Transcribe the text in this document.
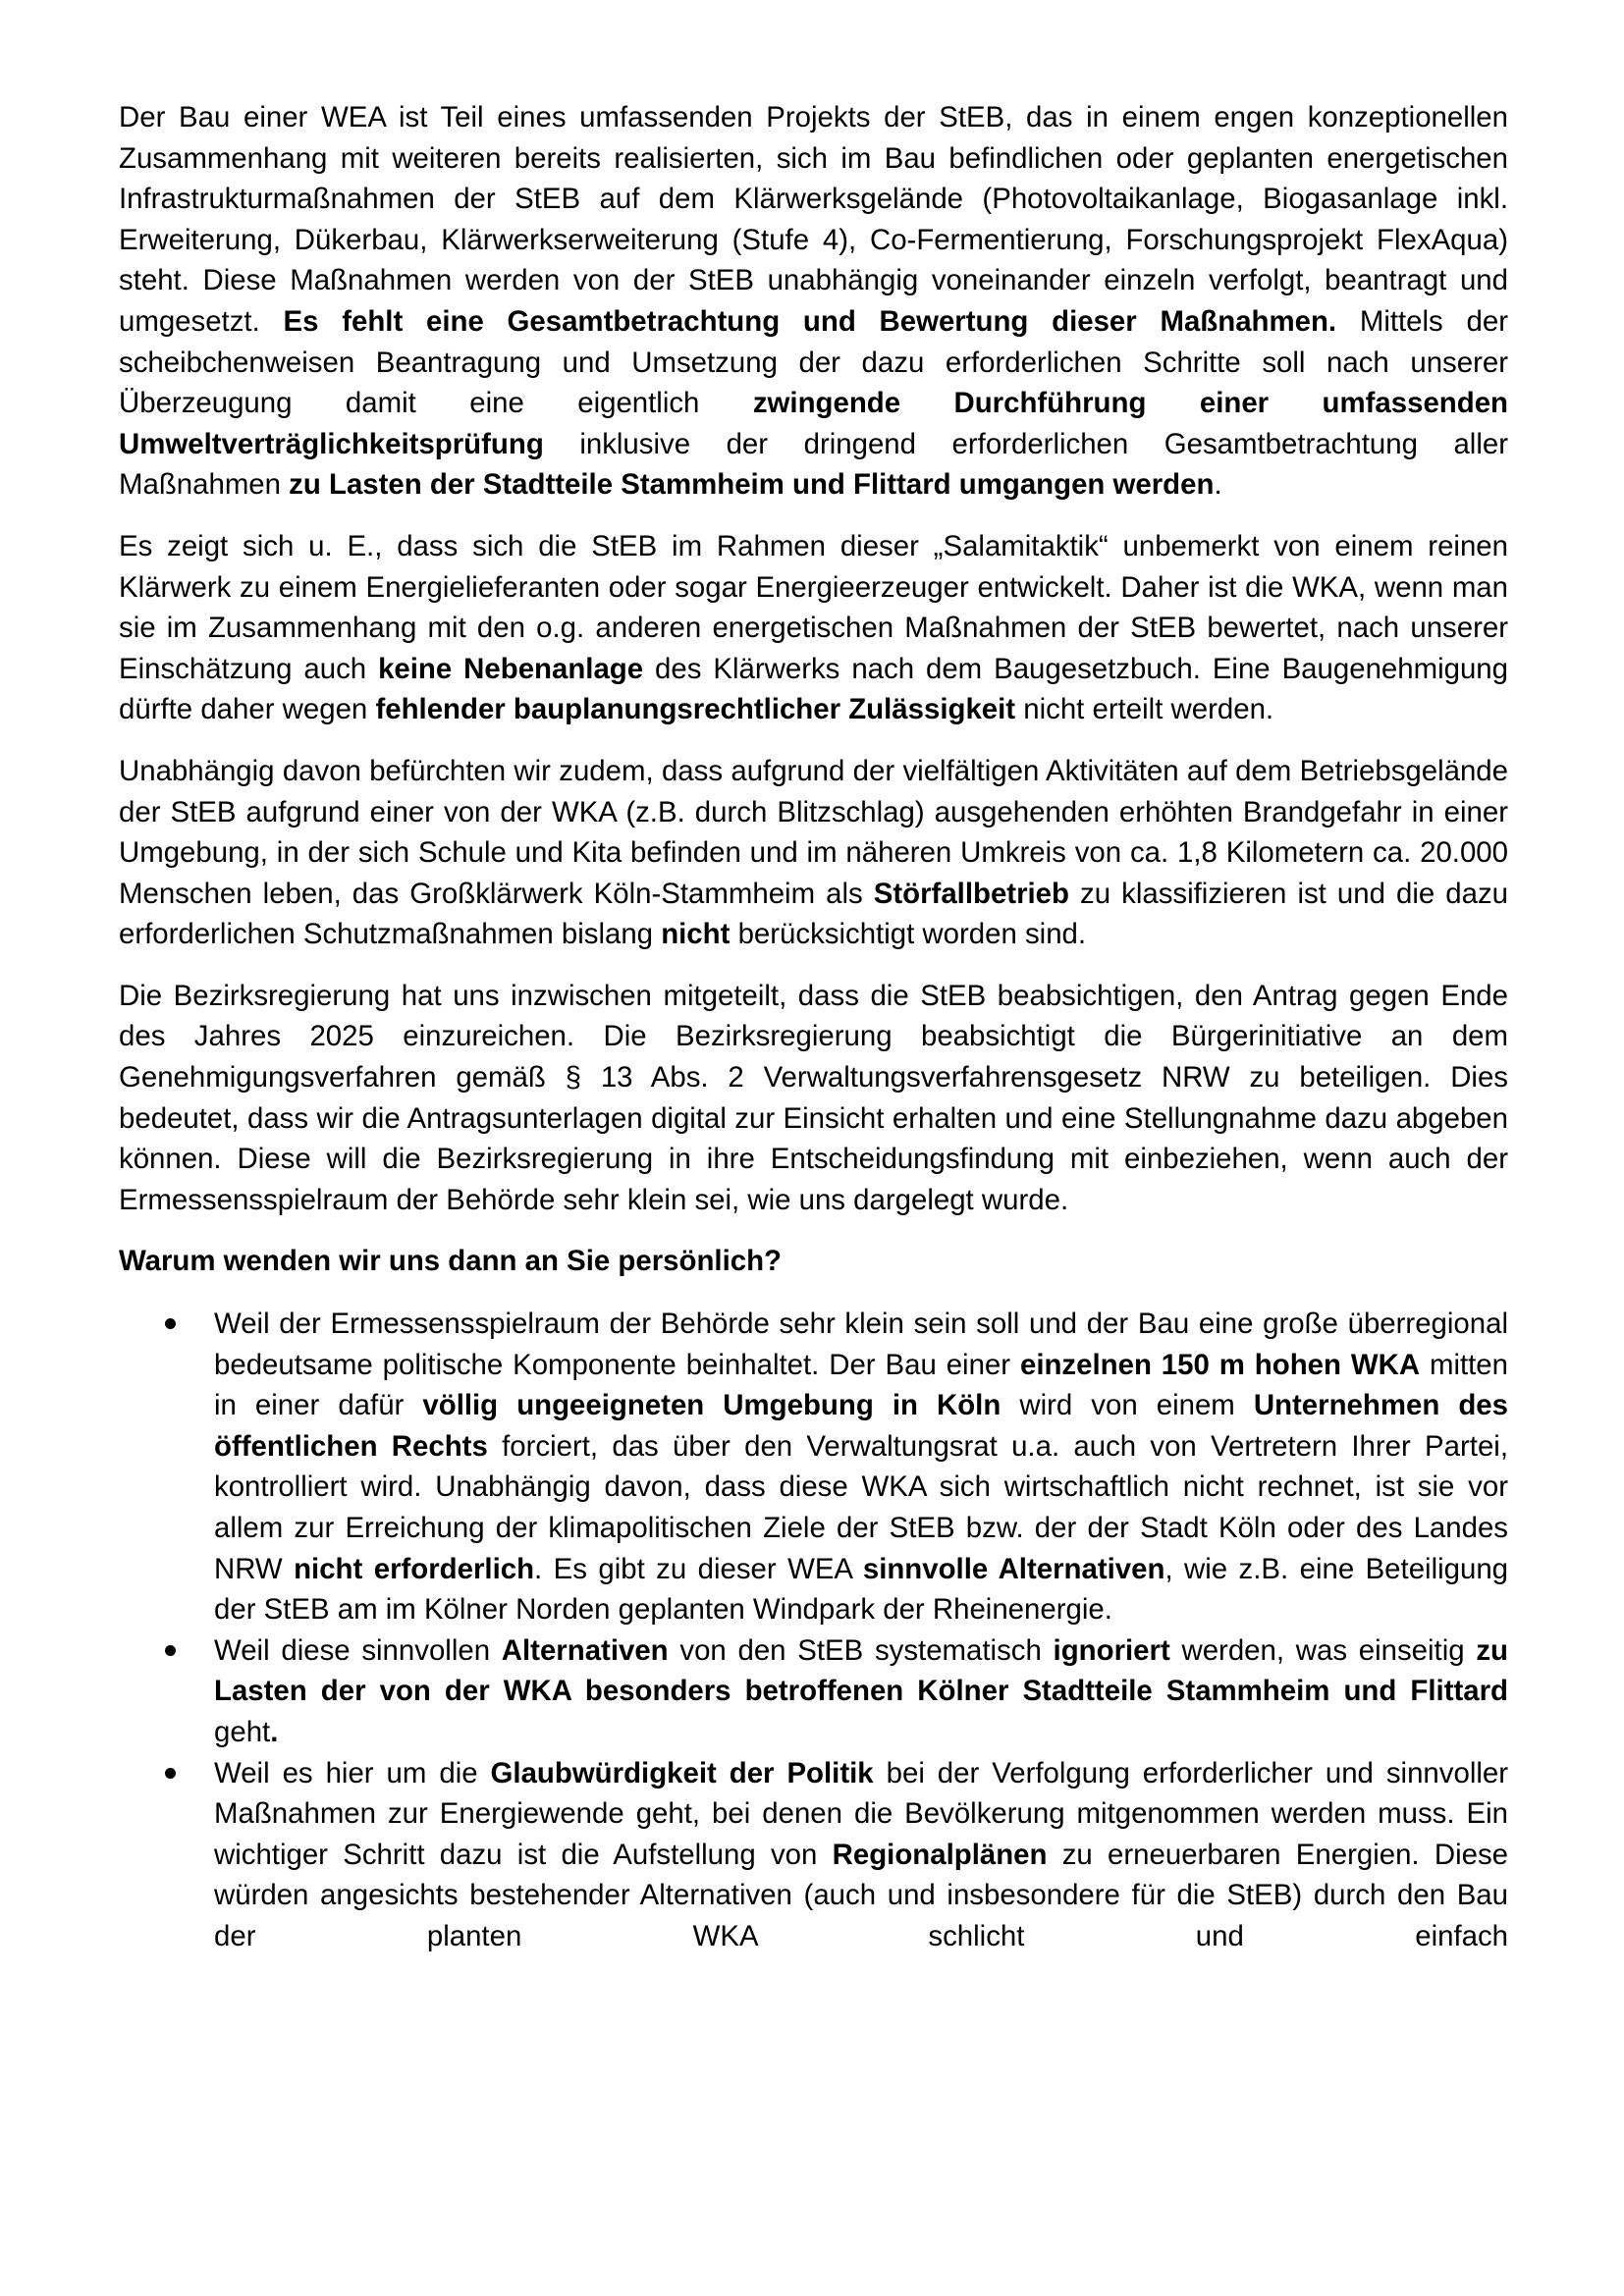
Der Bau einer WEA ist Teil eines umfassenden Projekts der StEB, das in einem engen konzeptionellen Zusammenhang mit weiteren bereits realisierten, sich im Bau befindlichen oder geplanten energetischen Infrastrukturmaßnahmen der StEB auf dem Klärwerksgelände (Photovoltaikanlage, Biogasanlage inkl. Erweiterung, Dükerbau, Klärwerkserweiterung (Stufe 4), Co-Fermentierung, Forschungsprojekt FlexAqua) steht. Diese Maßnahmen werden von der StEB unabhängig voneinander einzeln verfolgt, beantragt und umgesetzt. Es fehlt eine Gesamtbetrachtung und Bewertung dieser Maßnahmen. Mittels der scheibchenweisen Beantragung und Umsetzung der dazu erforderlichen Schritte soll nach unserer Überzeugung damit eine eigentlich zwingende Durchführung einer umfassenden Umweltverträglichkeitsprüfung inklusive der dringend erforderlichen Gesamtbetrachtung aller Maßnahmen zu Lasten der Stadtteile Stammheim und Flittard umgangen werden.

Es zeigt sich u. E., dass sich die StEB im Rahmen dieser „Salamitaktik“ unbemerkt von einem reinen Klärwerk zu einem Energielieferanten oder sogar Energieerzeuger entwickelt. Daher ist die WKA, wenn man sie im Zusammenhang mit den o.g. anderen energetischen Maßnahmen der StEB bewertet, nach unserer Einschätzung auch keine Nebenanlage des Klärwerks nach dem Baugesetzbuch. Eine Baugenehmigung dürfte daher wegen fehlender bauplanungsrechtlicher Zulässigkeit nicht erteilt werden.

Unabhängig davon befürchten wir zudem, dass aufgrund der vielfältigen Aktivitäten auf dem Betriebsgelände der StEB aufgrund einer von der WKA (z.B. durch Blitzschlag) ausgehenden erhöhten Brandgefahr in einer Umgebung, in der sich Schule und Kita befinden und im näheren Umkreis von ca. 1,8 Kilometern ca. 20.000 Menschen leben, das Großklärwerk Köln-Stammheim als Störfallbetrieb zu klassifizieren ist und die dazu erforderlichen Schutzmaßnahmen bislang nicht berücksichtigt worden sind.

Die Bezirksregierung hat uns inzwischen mitgeteilt, dass die StEB beabsichtigen, den Antrag gegen Ende des Jahres 2025 einzureichen. Die Bezirksregierung beabsichtigt die Bürgerinitiative an dem Genehmigungsverfahren gemäß § 13 Abs. 2 Verwaltungsverfahrensgesetz NRW zu beteiligen. Dies bedeutet, dass wir die Antragsunterlagen digital zur Einsicht erhalten und eine Stellungnahme dazu abgeben können. Diese will die Bezirksregierung in ihre Entscheidungsfindung mit einbeziehen, wenn auch der Ermessensspielraum der Behörde sehr klein sei, wie uns dargelegt wurde.

Warum wenden wir uns dann an Sie persönlich?

Weil der Ermessensspielraum der Behörde sehr klein sein soll und der Bau eine große überregional bedeutsame politische Komponente beinhaltet. Der Bau einer einzelnen 150 m hohen WKA mitten in einer dafür völlig ungeeigneten Umgebung in Köln wird von einem Unternehmen des öffentlichen Rechts forciert, das über den Verwaltungsrat u.a. auch von Vertretern Ihrer Partei, kontrolliert wird. Unabhängig davon, dass diese WKA sich wirtschaftlich nicht rechnet, ist sie vor allem zur Erreichung der klimapolitischen Ziele der StEB bzw. der der Stadt Köln oder des Landes NRW nicht erforderlich. Es gibt zu dieser WEA sinnvolle Alternativen, wie z.B. eine Beteiligung der StEB am im Kölner Norden geplanten Windpark der Rheinenergie.
Weil diese sinnvollen Alternativen von den StEB systematisch ignoriert werden, was einseitig zu Lasten der von der WKA besonders betroffenen Kölner Stadtteile Stammheim und Flittard geht.
Weil es hier um die Glaubwürdigkeit der Politik bei der Verfolgung erforderlicher und sinnvoller Maßnahmen zur Energiewende geht, bei denen die Bevölkerung mitgenommen werden muss. Ein wichtiger Schritt dazu ist die Aufstellung von Regionalplänen zu erneuerbaren Energien. Diese würden angesichts bestehender Alternativen (auch und insbesondere für die StEB) durch den Bau der planten WKA schlicht und einfach
